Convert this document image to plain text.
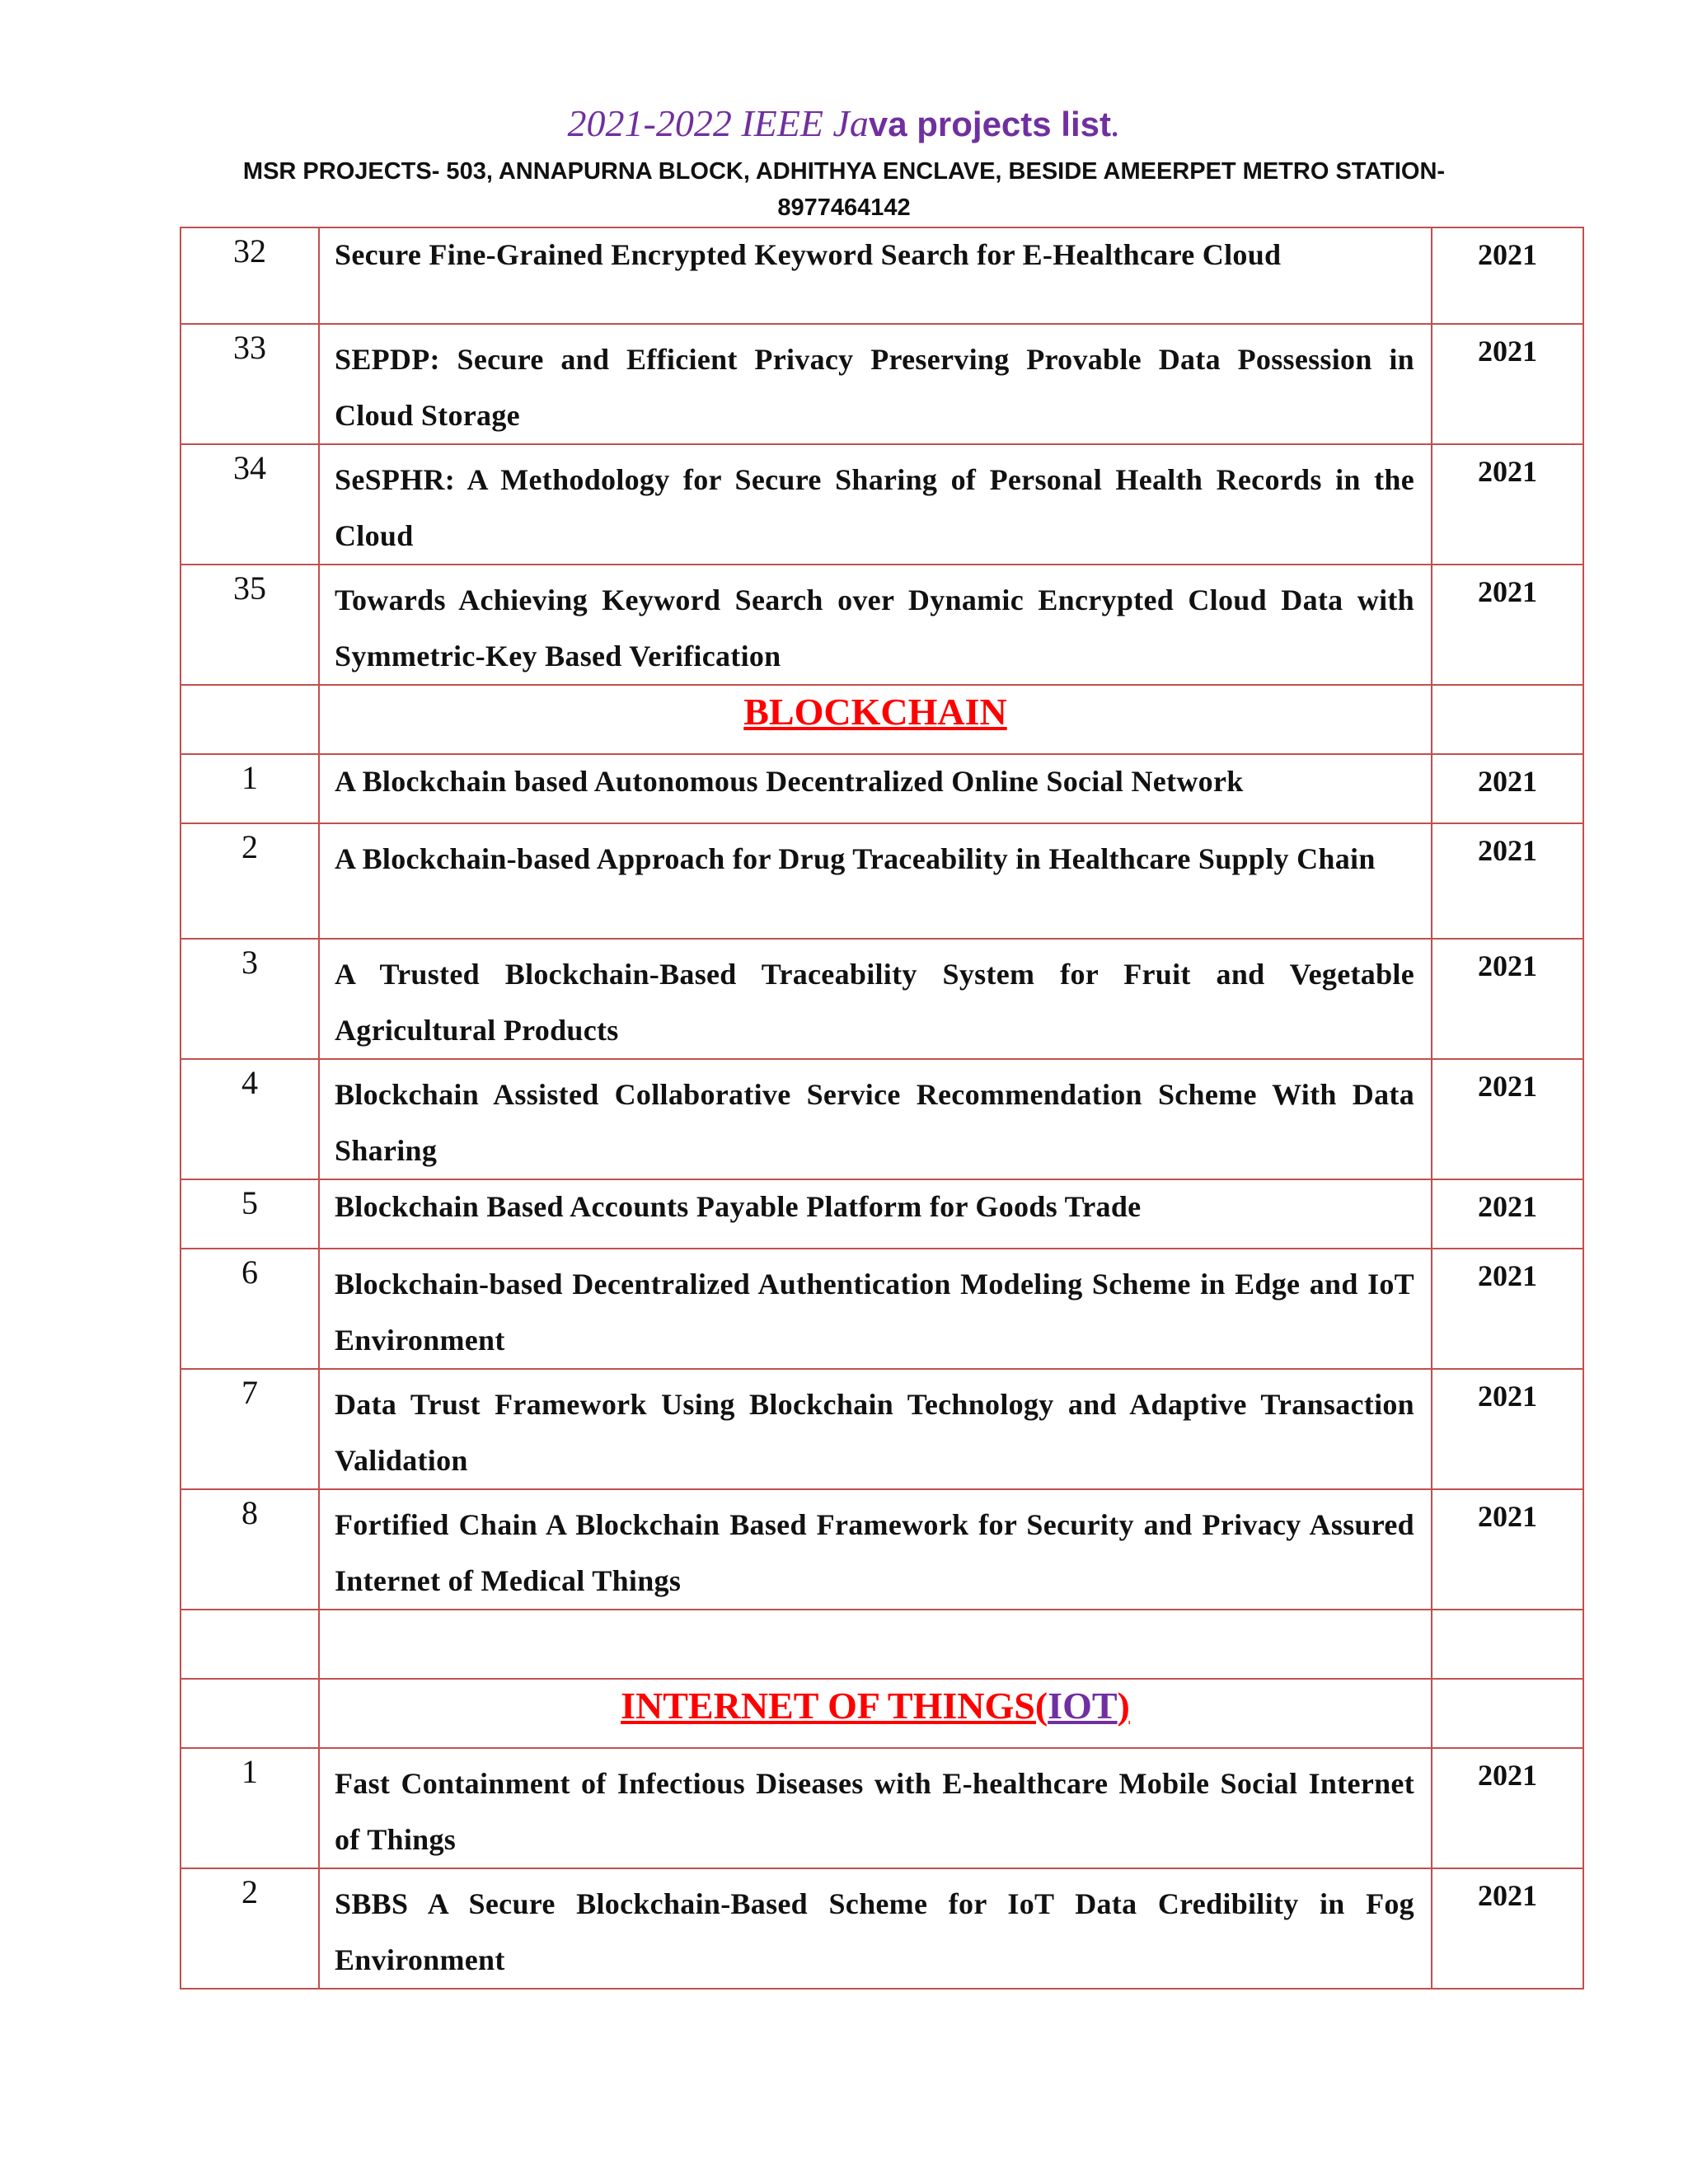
2021-2022 IEEE Java projects list.
MSR PROJECTS- 503, ANNAPURNA BLOCK, ADHITHYA ENCLAVE, BESIDE AMEERPET METRO STATION-
8977464142
32	Secure Fine-Grained Encrypted Keyword Search for E-Healthcare Cloud	2021
33	SEPDP: Secure and Efficient Privacy Preserving Provable Data Possession in Cloud Storage	2021
34	SeSPHR: A Methodology for Secure Sharing of Personal Health Records in the Cloud	2021
35	Towards Achieving Keyword Search over Dynamic Encrypted Cloud Data with Symmetric-Key Based Verification	2021
	BLOCKCHAIN	
1	A Blockchain based Autonomous Decentralized Online Social Network	2021
2	A Blockchain-based Approach for Drug Traceability in Healthcare Supply Chain	2021
3	A Trusted Blockchain-Based Traceability System for Fruit and Vegetable Agricultural Products	2021
4	Blockchain Assisted Collaborative Service Recommendation Scheme With Data Sharing	2021
5	Blockchain Based Accounts Payable Platform for Goods Trade	2021
6	Blockchain-based Decentralized Authentication Modeling Scheme in Edge and IoT Environment	2021
7	Data Trust Framework Using Blockchain Technology and Adaptive Transaction Validation	2021
8	Fortified Chain A Blockchain Based Framework for Security and Privacy Assured Internet of Medical Things	2021

	INTERNET OF THINGS(IOT)	
1	Fast Containment of Infectious Diseases with E-healthcare Mobile Social Internet of Things	2021
2	SBBS A Secure Blockchain-Based Scheme for IoT Data Credibility in Fog Environment	2021
